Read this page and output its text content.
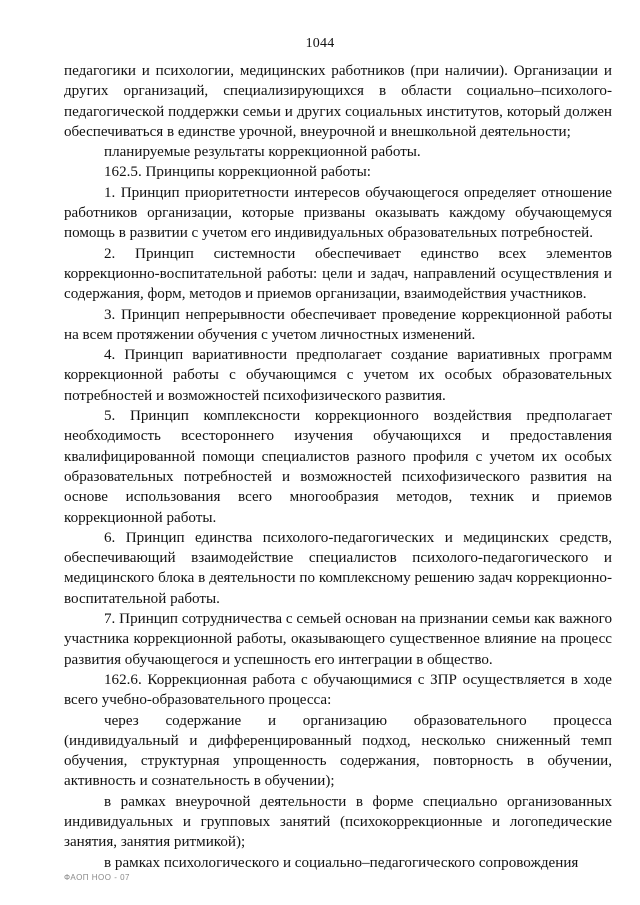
1044

педагогики и психологии, медицинских работников (при наличии). Организации и других организаций, специализирующихся в области социально–психолого-педагогической поддержки семьи и других социальных институтов, который должен обеспечиваться в единстве урочной, внеурочной и внешкольной деятельности;

планируемые результаты коррекционной работы.

162.5. Принципы коррекционной работы:

1. Принцип приоритетности интересов обучающегося определяет отношение работников организации, которые призваны оказывать каждому обучающемуся помощь в развитии с учетом его индивидуальных образовательных потребностей.

2. Принцип системности обеспечивает единство всех элементов коррекционно-воспитательной работы: цели и задач, направлений осуществления и содержания, форм, методов и приемов организации, взаимодействия участников.

3. Принцип непрерывности обеспечивает проведение коррекционной работы на всем протяжении обучения с учетом личностных изменений.

4. Принцип вариативности предполагает создание вариативных программ коррекционной работы с обучающимся с учетом их особых образовательных потребностей и возможностей психофизического развития.

5. Принцип комплексности коррекционного воздействия предполагает необходимость всестороннего изучения обучающихся и предоставления квалифицированной помощи специалистов разного профиля с учетом их особых образовательных потребностей и возможностей психофизического развития на основе использования всего многообразия методов, техник и приемов коррекционной работы.

6. Принцип единства психолого-педагогических и медицинских средств, обеспечивающий взаимодействие специалистов психолого-педагогического и медицинского блока в деятельности по комплексному решению задач коррекционно-воспитательной работы.

7. Принцип сотрудничества с семьей основан на признании семьи как важного участника коррекционной работы, оказывающего существенное влияние на процесс развития обучающегося и успешность его интеграции в общество.

162.6. Коррекционная работа с обучающимися с ЗПР осуществляется в ходе всего учебно-образовательного процесса:

через содержание и организацию образовательного процесса (индивидуальный и дифференцированный подход, несколько сниженный темп обучения, структурная упрощенность содержания, повторность в обучении, активность и сознательность в обучении);

в рамках внеурочной деятельности в форме специально организованных индивидуальных и групповых занятий (психокоррекционные и логопедические занятия, занятия ритмикой);

в рамках психологического и социально–педагогического сопровождения

ФАОП НОО - 07
